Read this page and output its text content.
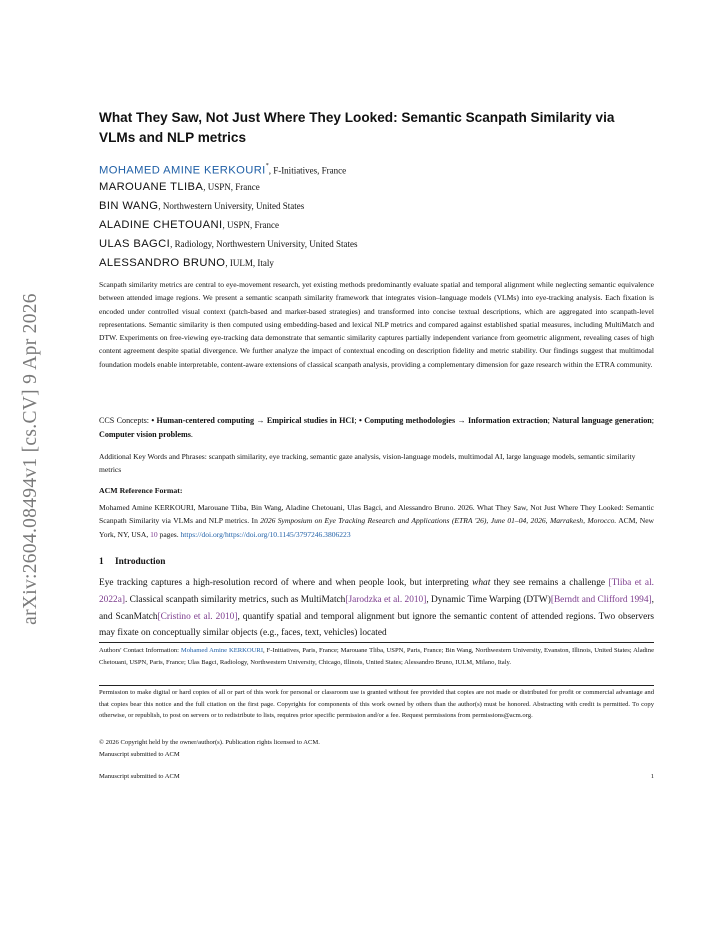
arXiv:2604.08494v1 [cs.CV] 9 Apr 2026
What They Saw, Not Just Where They Looked: Semantic Scanpath Similarity via VLMs and NLP metrics
MOHAMED AMINE KERKOURI*, F-Initiatives, France
MAROUANE TLIBA, USPN, France
BIN WANG, Northwestern University, United States
ALADINE CHETOUANI, USPN, France
ULAS BAGCI, Radiology, Northwestern University, United States
ALESSANDRO BRUNO, IULM, Italy

Scanpath similarity metrics are central to eye-movement research, yet existing methods predominantly evaluate spatial and temporal alignment while neglecting semantic equivalence between attended image regions. We present a semantic scanpath similarity framework that integrates vision–language models (VLMs) into eye-tracking analysis. Each fixation is encoded under controlled visual context (patch-based and marker-based strategies) and transformed into concise textual descriptions, which are aggregated into scanpath-level representations. Semantic similarity is then computed using embedding-based and lexical NLP metrics and compared against established spatial measures, including MultiMatch and DTW. Experiments on free-viewing eye-tracking data demonstrate that semantic similarity captures partially independent variance from geometric alignment, revealing cases of high content agreement despite spatial divergence. We further analyze the impact of contextual encoding on description fidelity and metric stability. Our findings suggest that multimodal foundation models enable interpretable, content-aware extensions of classical scanpath analysis, providing a complementary dimension for gaze research within the ETRA community.

CCS Concepts: • Human-centered computing → Empirical studies in HCI; • Computing methodologies → Information extraction; Natural language generation; Computer vision problems.

Additional Key Words and Phrases: scanpath similarity, eye tracking, semantic gaze analysis, vision-language models, multimodal AI, large language models, semantic similarity metrics

ACM Reference Format:

Mohamed Amine KERKOURI, Marouane Tliba, Bin Wang, Aladine Chetouani, Ulas Bagci, and Alessandro Bruno. 2026. What They Saw, Not Just Where They Looked: Semantic Scanpath Similarity via VLMs and NLP metrics. In 2026 Symposium on Eye Tracking Research and Applications (ETRA '26), June 01–04, 2026, Marrakesh, Morocco. ACM, New York, NY, USA, 10 pages. https://doi.org/https://doi.org/10.1145/3797246.3806223

1 Introduction

Eye tracking captures a high-resolution record of where and when people look, but interpreting what they see remains a challenge [Tliba et al. 2022a]. Classical scanpath similarity metrics, such as MultiMatch[Jarodzka et al. 2010], Dynamic Time Warping (DTW)[Berndt and Clifford 1994], and ScanMatch[Cristino et al. 2010], quantify spatial and temporal alignment but ignore the semantic content of attended regions. Two observers may fixate on conceptually similar objects (e.g., faces, text, vehicles) located

Authors' Contact Information: Mohamed Amine KERKOURI, F-Initiatives, Paris, France; Marouane Tliba, USPN, Paris, France; Bin Wang, Northwestern University, Evanston, Illinois, United States; Aladine Chetouani, USPN, Paris, France; Ulas Bagci, Radiology, Northwestern University, Chicago, Illinois, United States; Alessandro Bruno, IULM, Milano, Italy.

Permission to make digital or hard copies of all or part of this work for personal or classroom use is granted without fee provided that copies are not made or distributed for profit or commercial advantage and that copies bear this notice and the full citation on the first page. Copyrights for components of this work owned by others than the author(s) must be honored. Abstracting with credit is permitted. To copy otherwise, or republish, to post on servers or to redistribute to lists, requires prior specific permission and/or a fee. Request permissions from permissions@acm.org.

© 2026 Copyright held by the owner/author(s). Publication rights licensed to ACM.

Manuscript submitted to ACM

Manuscript submitted to ACM	1
